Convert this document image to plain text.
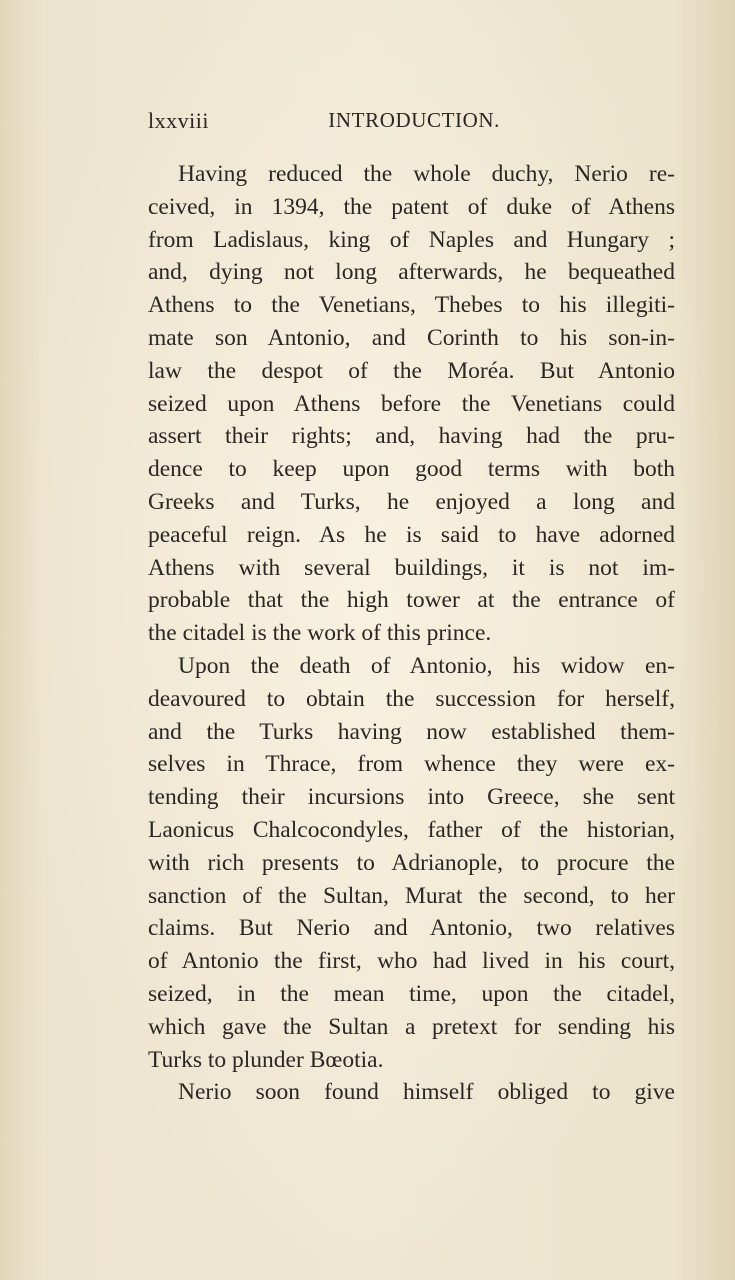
lxxviii	INTRODUCTION.
Having reduced the whole duchy, Nerio re-
ceived, in 1394, the patent of duke of Athens
from Ladislaus, king of Naples and Hungary ;
and, dying not long afterwards, he bequeathed
Athens to the Venetians, Thebes to his illegiti-
mate son Antonio, and Corinth to his son-in-
law the despot of the Moréa. But Antonio
seized upon Athens before the Venetians could
assert their rights; and, having had the pru-
dence to keep upon good terms with both
Greeks and Turks, he enjoyed a long and
peaceful reign. As he is said to have adorned
Athens with several buildings, it is not im-
probable that the high tower at the entrance of
the citadel is the work of this prince.
Upon the death of Antonio, his widow en-
deavoured to obtain the succession for herself,
and the Turks having now established them-
selves in Thrace, from whence they were ex-
tending their incursions into Greece, she sent
Laonicus Chalcocondyles, father of the historian,
with rich presents to Adrianople, to procure the
sanction of the Sultan, Murat the second, to her
claims. But Nerio and Antonio, two relatives
of Antonio the first, who had lived in his court,
seized, in the mean time, upon the citadel,
which gave the Sultan a pretext for sending his
Turks to plunder Bœotia.
Nerio soon found himself obliged to give
